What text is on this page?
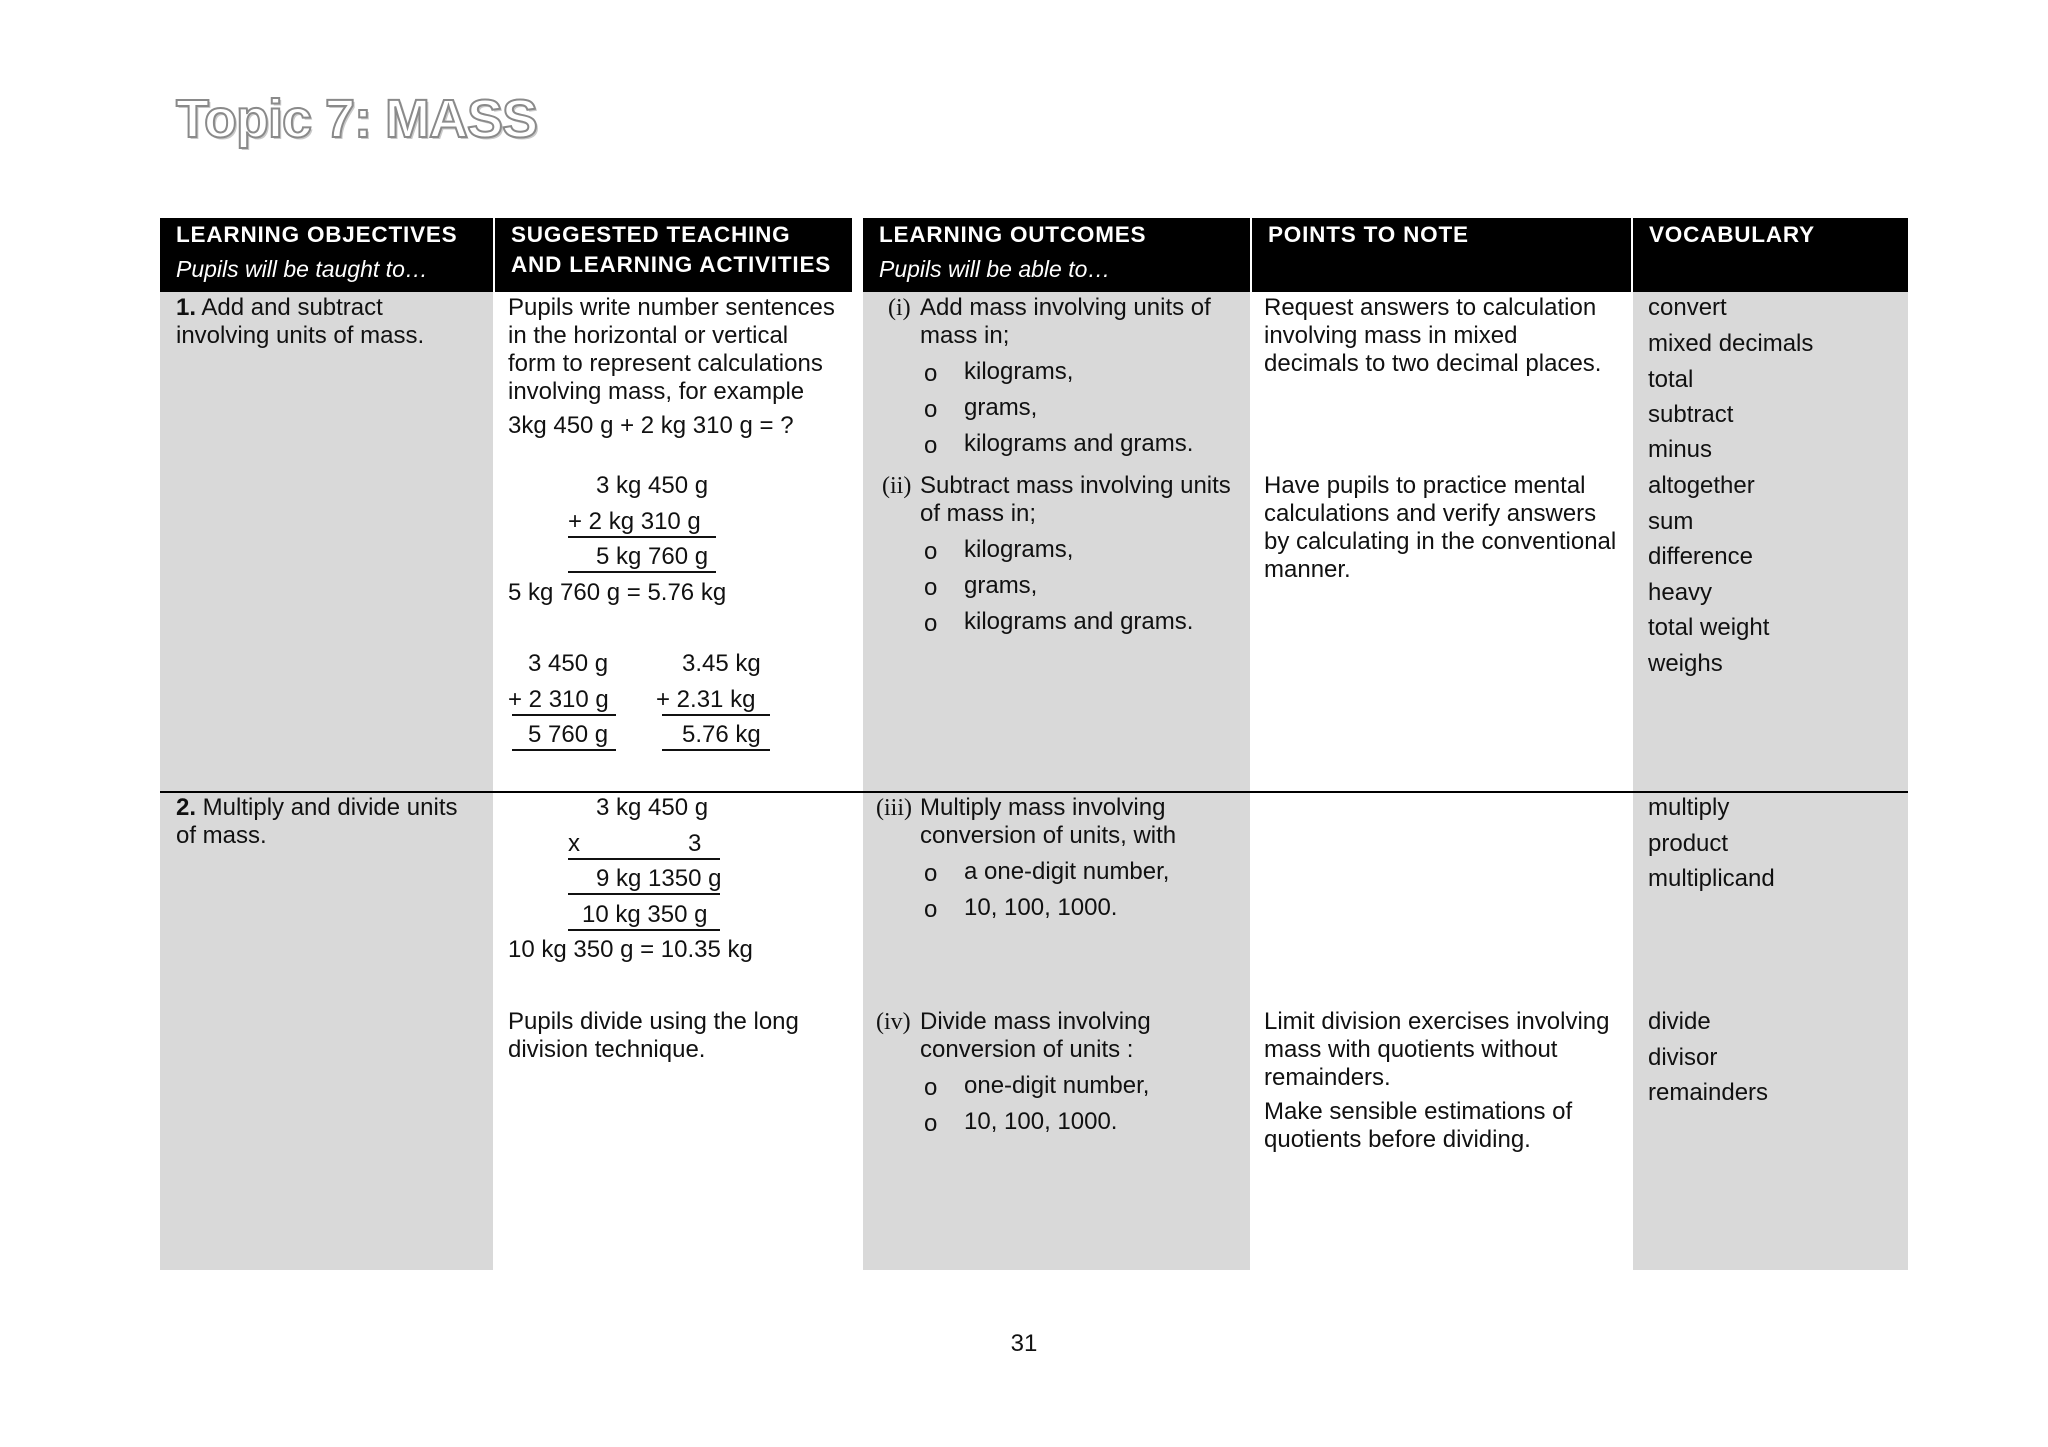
Topic 7: MASS
LEARNING OBJECTIVES
Pupils will be taught to…
SUGGESTED TEACHING
AND LEARNING ACTIVITIES
LEARNING OUTCOMES
Pupils will be able to…
POINTS TO NOTE	VOCABULARY
1. Add and subtract
involving units of mass.
Pupils write number sentences
in the horizontal or vertical
form to represent calculations
involving mass, for example
3kg 450 g + 2 kg 310 g = ?
3 kg 450 g
+ 2 kg 310 g
5 kg 760 g
5 kg 760 g = 5.76 kg
3 450 g
+ 2 310 g
5 760 g
3.45 kg
+ 2.31 kg
5.76 kg
(i) Add mass involving units of
mass in;
o kilograms,
o grams,
o kilograms and grams.
(ii) Subtract mass involving units
of mass in;
o kilograms,
o grams,
o kilograms and grams.
Request answers to calculation
involving mass in mixed
decimals to two decimal places.
Have pupils to practice mental
calculations and verify answers
by calculating in the conventional
manner.
convert
mixed decimals
total
subtract
minus
altogether
sum
difference
heavy
total weight
weighs
2. Multiply and divide units
of mass.
3 kg 450 g
x	3
9 kg 1350 g
10 kg 350 g
10 kg 350 g = 10.35 kg
Pupils divide using the long
division technique.
(iii) Multiply mass involving
conversion of units, with
o a one-digit number,
o 10, 100, 1000.
(iv) Divide mass involving
conversion of units :
o one-digit number,
o 10, 100, 1000.
Limit division exercises involving
mass with quotients without
remainders.
Make sensible estimations of
quotients before dividing.
multiply
product
multiplicand
divide
divisor
remainders
31
